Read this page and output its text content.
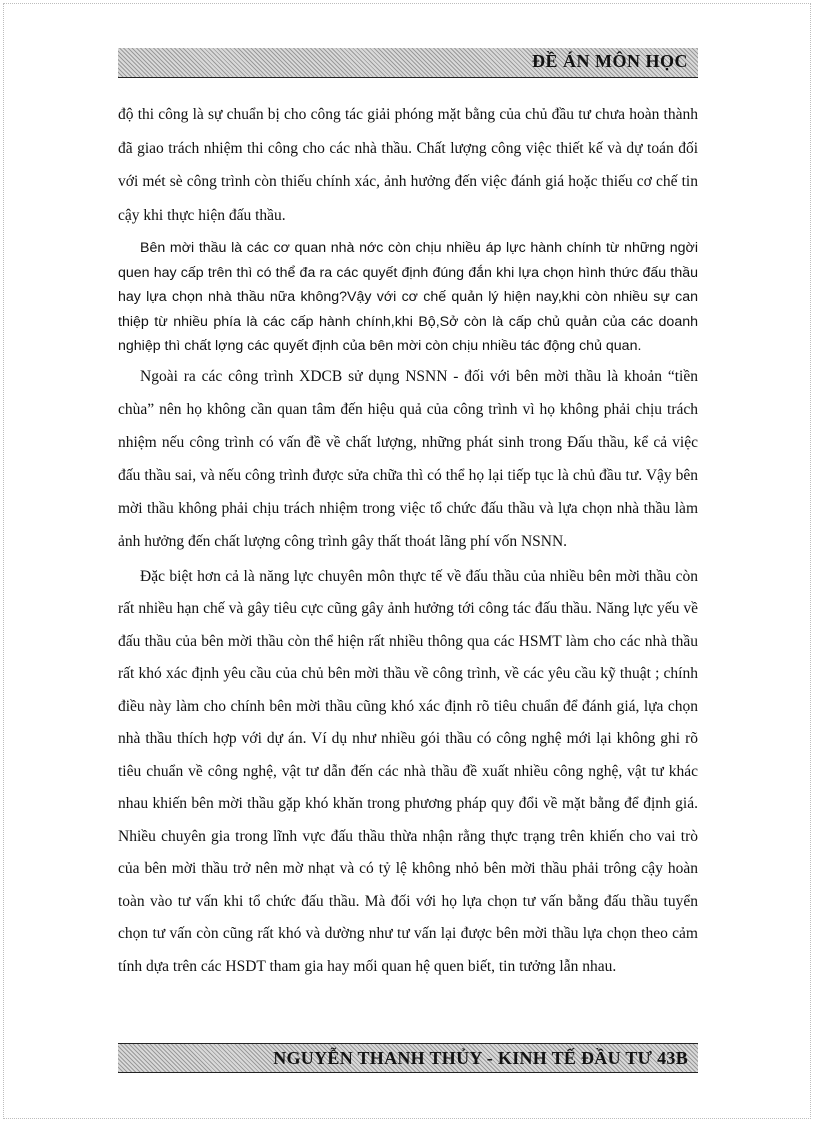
ĐỀ ÁN MÔN HỌC

độ thi công là sự chuẩn bị cho công tác giải phóng mặt bằng của chủ đầu tư chưa hoàn thành đã giao trách nhiệm thi công cho các nhà thầu. Chất lượng công việc thiết kế và dự toán đối với mét sè công trình còn thiếu chính xác, ảnh hưởng đến việc đánh giá hoặc thiếu cơ chế tin cậy khi thực hiện đấu thầu.

Bên mời thầu là các cơ quan nhà nớc còn chịu nhiều áp lực hành chính từ những ngời quen hay cấp trên thì có thể đa ra các quyết định đúng đắn khi lựa chọn hình thức đấu thầu hay lựa chọn nhà thầu nữa không?Vậy với cơ chế quản lý hiện nay,khi còn nhiều sự can thiệp từ nhiều phía là các cấp hành chính,khi Bộ,Sở còn là cấp chủ quản của các doanh nghiệp thì chất lợng các quyết định của bên mời còn chịu nhiều tác động chủ quan.

Ngoài ra các công trình XDCB sử dụng NSNN - đối với bên mời thầu là khoản “tiền chùa” nên họ không cần quan tâm đến hiệu quả của công trình vì họ không phải chịu trách nhiệm nếu công trình có vấn đề về chất lượng, những phát sinh trong Đấu thầu, kể cả việc đấu thầu sai, và nếu công trình được sửa chữa thì có thể họ lại tiếp tục là chủ đầu tư. Vậy bên mời thầu không phải chịu trách nhiệm trong việc tổ chức đấu thầu và lựa chọn nhà thầu làm ảnh hưởng đến chất lượng công trình gây thất thoát lãng phí vốn NSNN.

Đặc biệt hơn cả là năng lực chuyên môn thực tế về đấu thầu của nhiều bên mời thầu còn rất nhiều hạn chế và gây tiêu cực cũng gây ảnh hưởng tới công tác đấu thầu. Năng lực yếu về đấu thầu của bên mời thầu còn thể hiện rất nhiều thông qua các HSMT làm cho các nhà thầu rất khó xác định yêu cầu của chủ bên mời thầu về công trình, về các yêu cầu kỹ thuật ; chính điều này làm cho chính bên mời thầu cũng khó xác định rõ tiêu chuẩn để đánh giá, lựa chọn nhà thầu thích hợp với dự án. Ví dụ như nhiều gói thầu có công nghệ mới lại không ghi rõ tiêu chuẩn về công nghệ, vật tư dẫn đến các nhà thầu đề xuất nhiều công nghệ, vật tư khác nhau khiến bên mời thầu gặp khó khăn trong phương pháp quy đổi về mặt bằng để định giá. Nhiều chuyên gia trong lĩnh vực đấu thầu thừa nhận rằng thực trạng trên khiến cho vai trò của bên mời thầu trở nên mờ nhạt và có tỷ lệ không nhỏ bên mời thầu phải trông cậy hoàn toàn vào tư vấn khi tổ chức đấu thầu. Mà đối với họ lựa chọn tư vấn bằng đấu thầu tuyển chọn tư vấn còn cũng rất khó và dường như tư vấn lại được bên mời thầu lựa chọn theo cảm tính dựa trên các HSDT tham gia hay mối quan hệ quen biết, tin tưởng lẫn nhau.

NGUYỄN THANH THỦY - KINH TẾ ĐẦU TƯ 43B
